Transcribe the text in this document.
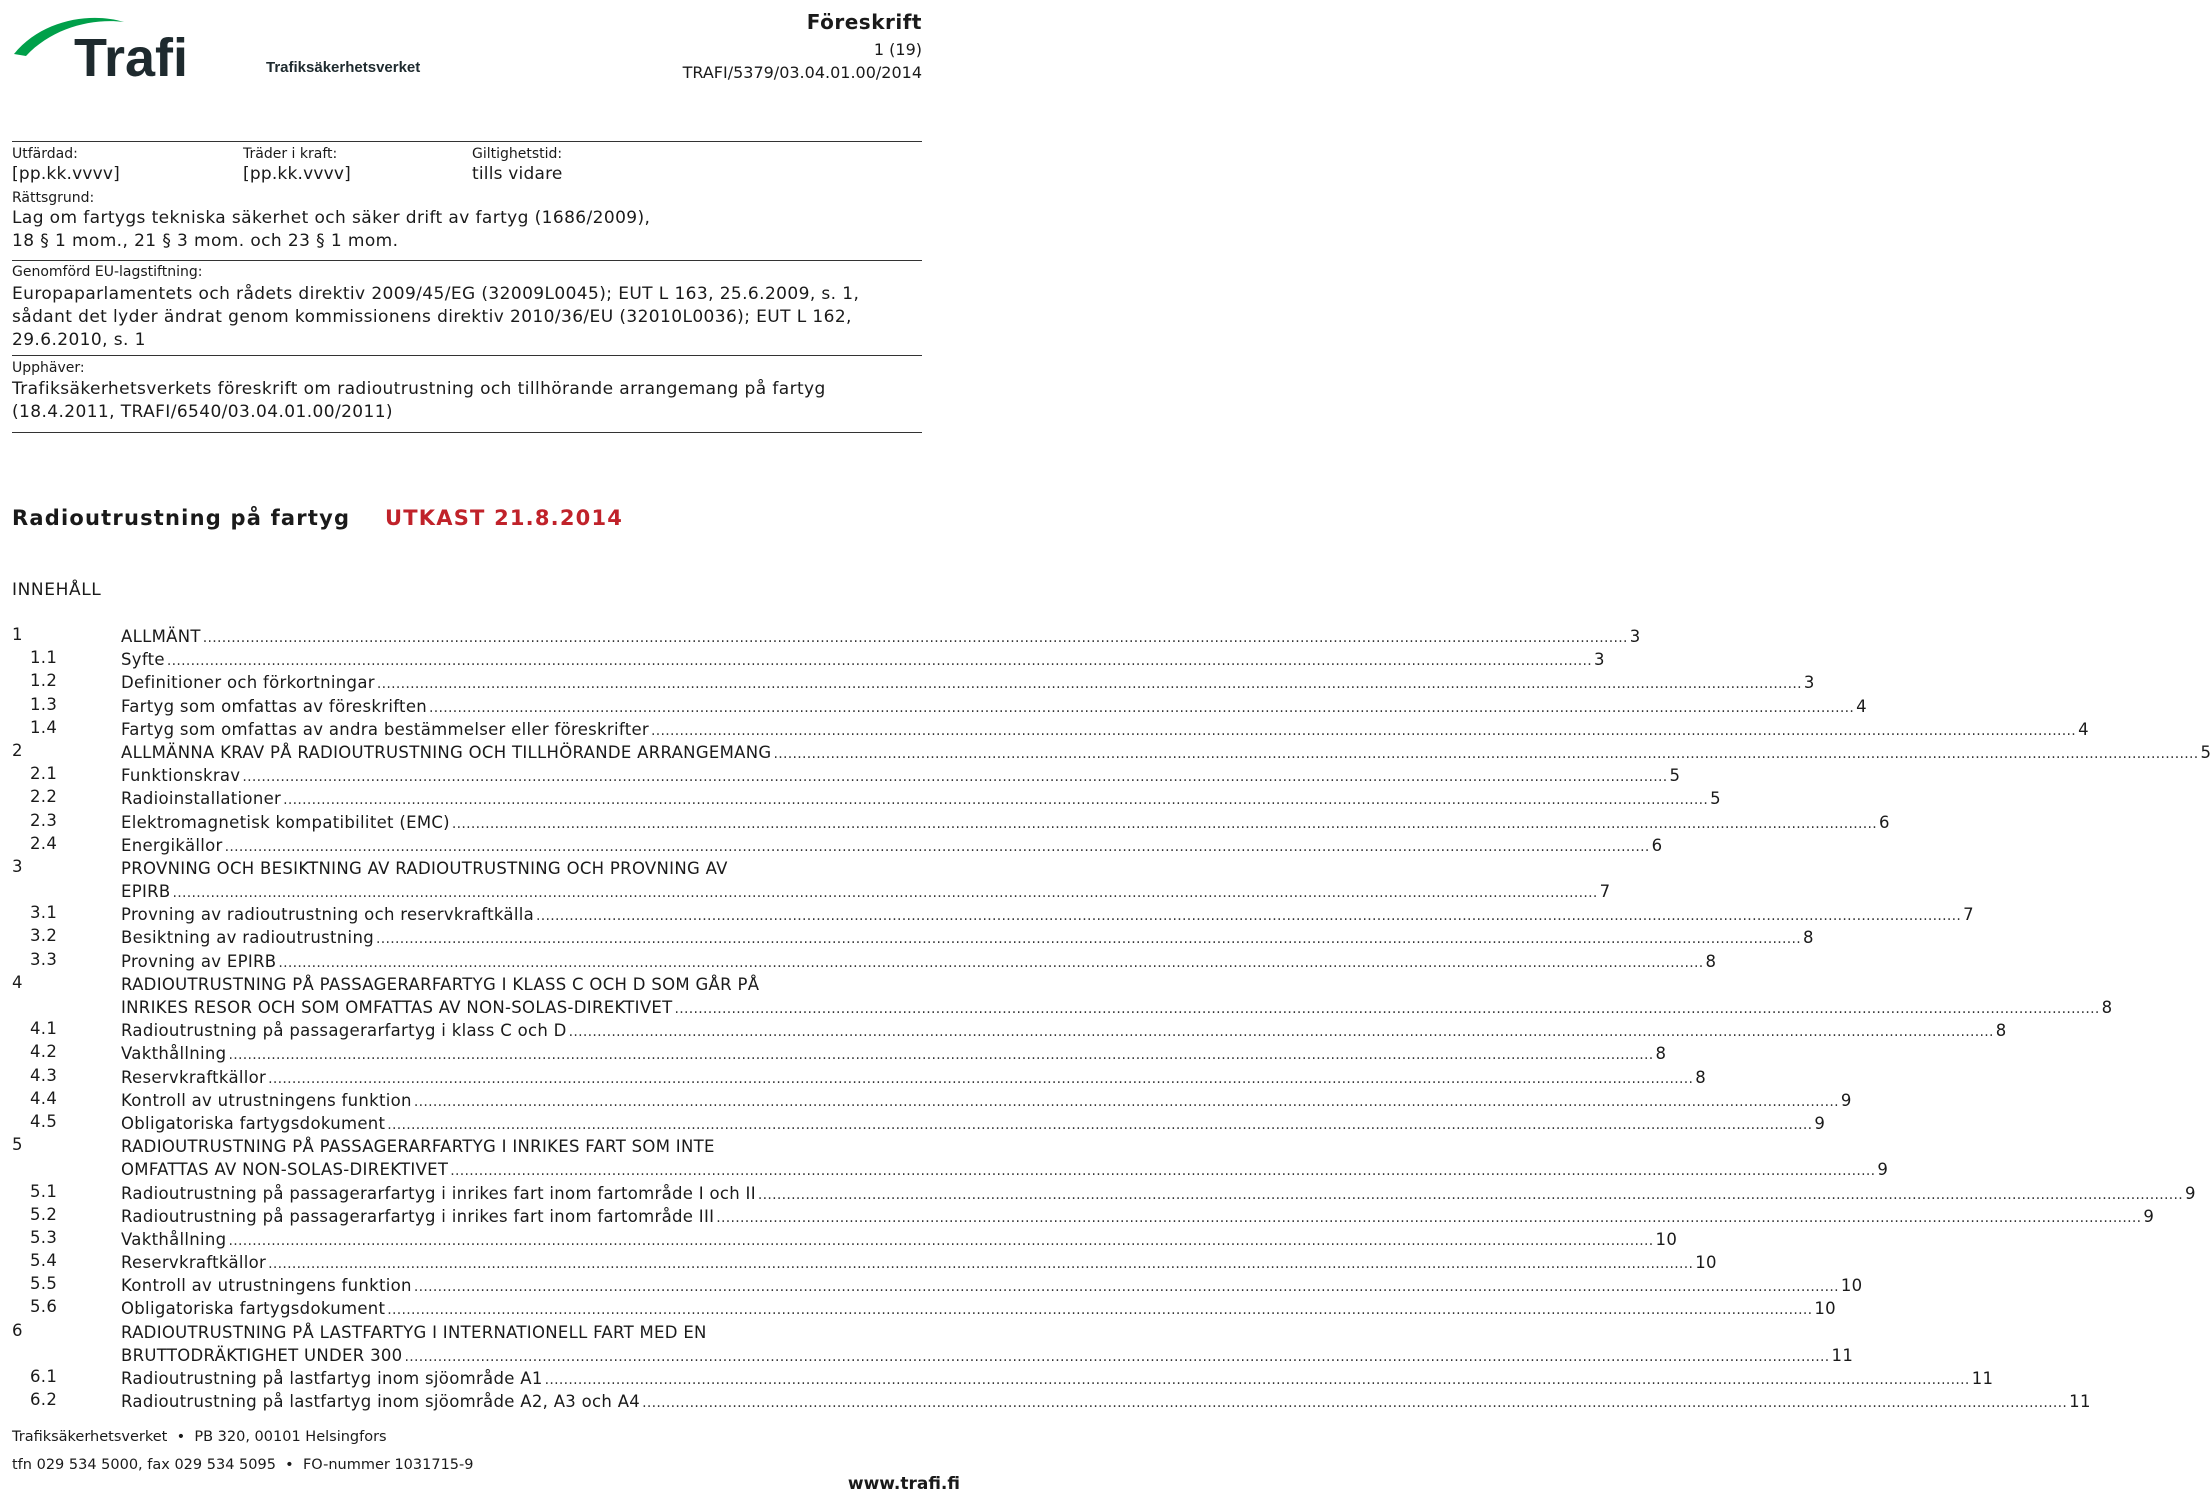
Trafi	Trafiksäkerhetsverket
Föreskrift
1 (19)
TRAFI/5379/03.04.01.00/2014
Utfärdad:
[pp.kk.vvvv]
Träder i kraft:
[pp.kk.vvvv]
Giltighetstid:
tills vidare
Rättsgrund:
Lag om fartygs tekniska säkerhet och säker drift av fartyg (1686/2009),
18 § 1 mom., 21 § 3 mom. och 23 § 1 mom.
Genomförd EU-lagstiftning:
Europaparlamentets och rådets direktiv 2009/45/EG (32009L0045); EUT L 163, 25.6.2009, s. 1, sådant det lyder ändrat genom kommissionens direktiv 2010/36/EU (32010L0036); EUT L 162, 29.6.2010, s. 1
Upphäver:
Trafiksäkerhetsverkets föreskrift om radioutrustning och tillhörande arrangemang på fartyg (18.4.2011, TRAFI/6540/03.04.01.00/2011)
Radioutrustning på fartyg UTKAST 21.8.2014
INNEHÅLL
1	ALLMÄNT ............................................................................................................................................................................................................................................................................................................ 3
1.1	Syfte ............................................................................................................................................................................................................................................................................................................ 3
1.2	Definitioner och förkortningar ............................................................................................................................................................................................................................................................................................................ 3
1.3	Fartyg som omfattas av föreskriften ............................................................................................................................................................................................................................................................................................................ 4
1.4	Fartyg som omfattas av andra bestämmelser eller föreskrifter ............................................................................................................................................................................................................................................................................................................ 4
2	ALLMÄNNA KRAV PÅ RADIOUTRUSTNING OCH TILLHÖRANDE ARRANGEMANG ............................................................................................................................................................................................................................................................................................................ 5
2.1	Funktionskrav ............................................................................................................................................................................................................................................................................................................ 5
2.2	Radioinstallationer ............................................................................................................................................................................................................................................................................................................ 5
2.3	Elektromagnetisk kompatibilitet (EMC) ............................................................................................................................................................................................................................................................................................................ 6
2.4	Energikällor ............................................................................................................................................................................................................................................................................................................ 6
3	PROVNING OCH BESIKTNING AV RADIOUTRUSTNING OCH PROVNING AV
EPIRB ............................................................................................................................................................................................................................................................................................................ 7
3.1	Provning av radioutrustning och reservkraftkälla ............................................................................................................................................................................................................................................................................................................ 7
3.2	Besiktning av radioutrustning ............................................................................................................................................................................................................................................................................................................ 8
3.3	Provning av EPIRB ............................................................................................................................................................................................................................................................................................................ 8
4	RADIOUTRUSTNING PÅ PASSAGERARFARTYG I KLASS C OCH D SOM GÅR PÅ
INRIKES RESOR OCH SOM OMFATTAS AV NON-SOLAS-DIREKTIVET ............................................................................................................................................................................................................................................................................................................ 8
4.1	Radioutrustning på passagerarfartyg i klass C och D ............................................................................................................................................................................................................................................................................................................ 8
4.2	Vakthållning ............................................................................................................................................................................................................................................................................................................ 8
4.3	Reservkraftkällor ............................................................................................................................................................................................................................................................................................................ 8
4.4	Kontroll av utrustningens funktion ............................................................................................................................................................................................................................................................................................................ 9
4.5	Obligatoriska fartygsdokument ............................................................................................................................................................................................................................................................................................................ 9
5	RADIOUTRUSTNING PÅ PASSAGERARFARTYG I INRIKES FART SOM INTE
OMFATTAS AV NON-SOLAS-DIREKTIVET ............................................................................................................................................................................................................................................................................................................ 9
5.1	Radioutrustning på passagerarfartyg i inrikes fart inom fartområde I och II ............................................................................................................................................................................................................................................................................................................ 9
5.2	Radioutrustning på passagerarfartyg i inrikes fart inom fartområde III ............................................................................................................................................................................................................................................................................................................ 9
5.3	Vakthållning ............................................................................................................................................................................................................................................................................................................ 10
5.4	Reservkraftkällor ............................................................................................................................................................................................................................................................................................................ 10
5.5	Kontroll av utrustningens funktion ............................................................................................................................................................................................................................................................................................................ 10
5.6	Obligatoriska fartygsdokument ............................................................................................................................................................................................................................................................................................................ 10
6	RADIOUTRUSTNING PÅ LASTFARTYG I INTERNATIONELL FART MED EN
BRUTTODRÄKTIGHET UNDER 300 ............................................................................................................................................................................................................................................................................................................ 11
6.1	Radioutrustning på lastfartyg inom sjöområde A1 ............................................................................................................................................................................................................................................................................................................ 11
6.2	Radioutrustning på lastfartyg inom sjöområde A2, A3 och A4 ............................................................................................................................................................................................................................................................................................................ 11
Trafiksäkerhetsverket  •  PB 320, 00101 Helsingfors
tfn 029 534 5000, fax 029 534 5095  •  FO-nummer 1031715-9
www.trafi.fi
